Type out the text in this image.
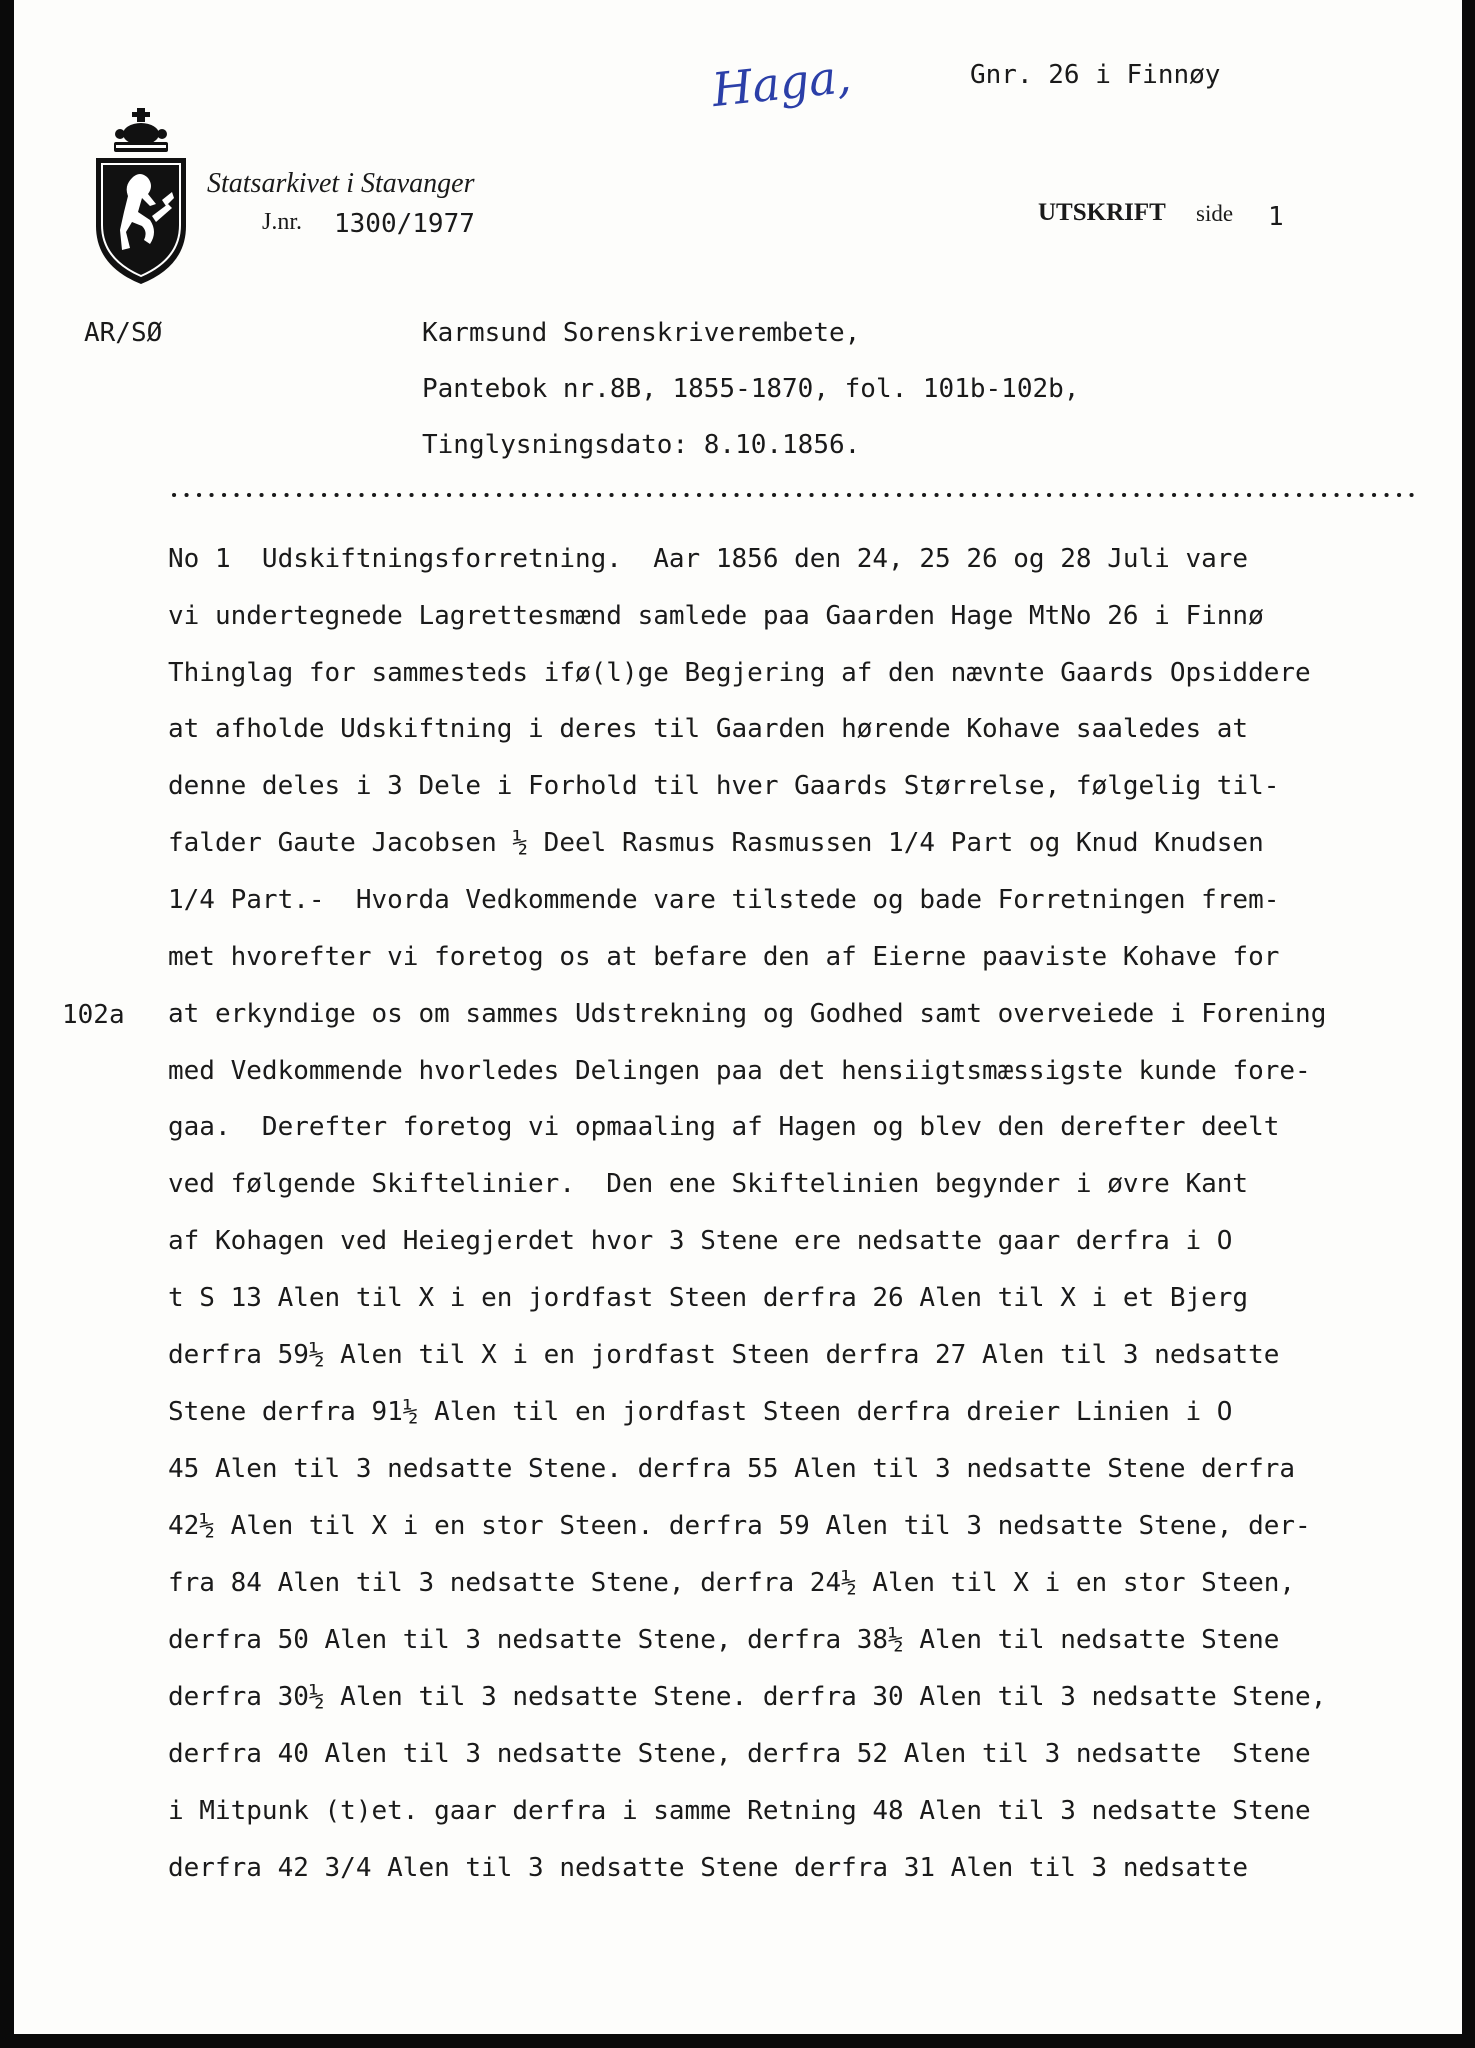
Haga,	Gnr. 26 i Finnøy
Statsarkivet i Stavanger
J.nr. 1300/1977	UTSKRIFT side 1
AR/SØ	Karmsund Sorenskriverembete,
Pantebok nr.8B, 1855-1870, fol. 101b-102b,
Tinglysningsdato: 8.10.1856.
102a
No 1  Udskiftningsforretning.  Aar 1856 den 24, 25 26 og 28 Juli vare
vi undertegnede Lagrettesmænd samlede paa Gaarden Hage MtNo 26 i Finnø
Thinglag for sammesteds ifø(l)ge Begjering af den nævnte Gaards Opsiddere
at afholde Udskiftning i deres til Gaarden hørende Kohave saaledes at
denne deles i 3 Dele i Forhold til hver Gaards Størrelse, følgelig til-
falder Gaute Jacobsen ½ Deel Rasmus Rasmussen 1/4 Part og Knud Knudsen
1/4 Part.-  Hvorda Vedkommende vare tilstede og bade Forretningen frem-
met hvorefter vi foretog os at befare den af Eierne paaviste Kohave for
at erkyndige os om sammes Udstrekning og Godhed samt overveiede i Forening
med Vedkommende hvorledes Delingen paa det hensiigtsmæssigste kunde fore-
gaa.  Derefter foretog vi opmaaling af Hagen og blev den derefter deelt
ved følgende Skiftelinier.  Den ene Skiftelinien begynder i øvre Kant
af Kohagen ved Heiegjerdet hvor 3 Stene ere nedsatte gaar derfra i O
t S 13 Alen til X i en jordfast Steen derfra 26 Alen til X i et Bjerg
derfra 59½ Alen til X i en jordfast Steen derfra 27 Alen til 3 nedsatte
Stene derfra 91½ Alen til en jordfast Steen derfra dreier Linien i O
45 Alen til 3 nedsatte Stene. derfra 55 Alen til 3 nedsatte Stene derfra
42½ Alen til X i en stor Steen. derfra 59 Alen til 3 nedsatte Stene, der-
fra 84 Alen til 3 nedsatte Stene, derfra 24½ Alen til X i en stor Steen,
derfra 50 Alen til 3 nedsatte Stene, derfra 38½ Alen til nedsatte Stene
derfra 30½ Alen til 3 nedsatte Stene. derfra 30 Alen til 3 nedsatte Stene,
derfra 40 Alen til 3 nedsatte Stene, derfra 52 Alen til 3 nedsatte  Stene
i Mitpunk (t)et. gaar derfra i samme Retning 48 Alen til 3 nedsatte Stene
derfra 42 3/4 Alen til 3 nedsatte Stene derfra 31 Alen til 3 nedsatte
